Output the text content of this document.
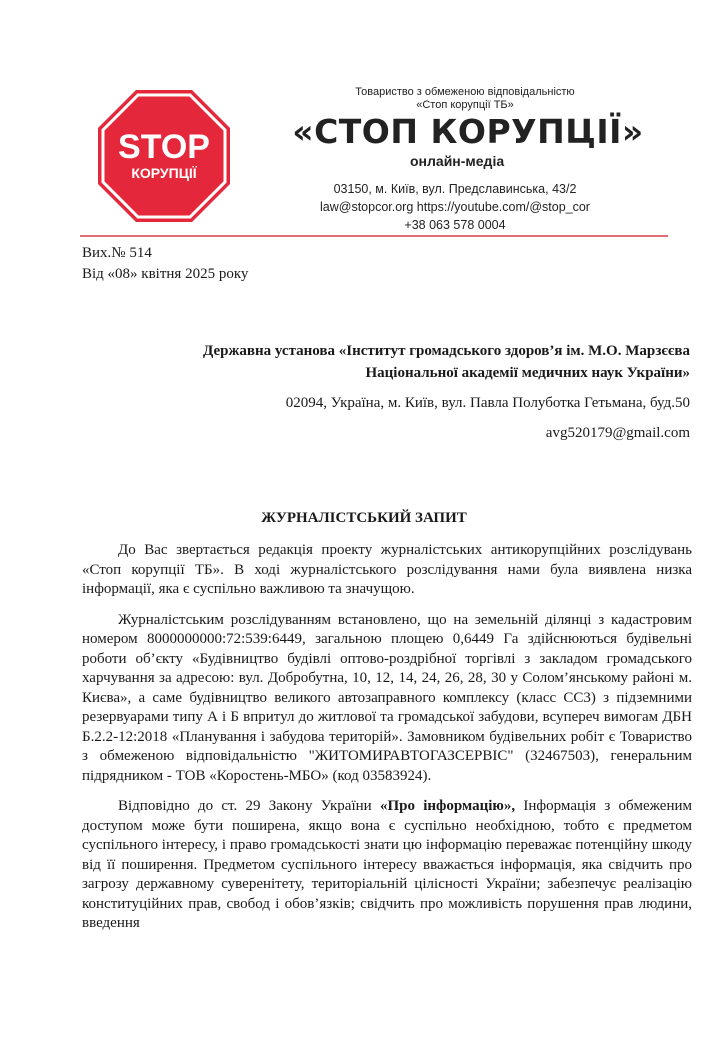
STOP
КОРУПЦІЇ
Товариство з обмеженою відповідальністю
«Стоп корупції ТБ»
«СТОП КОРУПЦІЇ»
онлайн-медіа
03150, м. Київ, вул. Предславинська, 43/2
law@stopcor.org https://youtube.com/@stop_cor
+38 063 578 0004
Вих.№ 514
Від «08» квітня 2025 року
Державна установа «Інститут громадського здоров’я ім. М.О. Марзєєва
Національної академії медичних наук України»
02094, Україна, м. Київ, вул. Павла Полуботка Гетьмана, буд.50
avg520179@gmail.com
ЖУРНАЛІСТСЬКИЙ ЗАПИТ

До Вас звертається редакція проекту журналістських антикорупційних розслідувань «Стоп корупції ТБ». В ході журналістського розслідування нами була виявлена низка інформації, яка є суспільно важливою та значущою.

Журналістським розслідуванням встановлено, що на земельній ділянці з кадастровим номером 8000000000:72:539:6449, загальною площею 0,6449 Га здійснюються будівельні роботи об’єкту «Будівництво будівлі оптово-роздрібної торгівлі з закладом громадського харчування за адресою: вул. Добробутна, 10, 12, 14, 24, 26, 28, 30 у Солом’янському районі м. Києва», а саме будівництво великого автозаправного комплексу (класс СС3) з підземними резервуарами типу А і Б впритул до житлової та громадської забудови, всупереч вимогам ДБН Б.2.2-12:2018 «Планування і забудова територій». Замовником будівельних робіт є Товариство з обмеженою відповідальністю "ЖИТОМИРАВТОГАЗСЕРВІС" (32467503), генеральним підрядником - ТОВ «Коростень-МБО» (код 03583924).

Відповідно до ст. 29 Закону України «Про інформацію», Інформація з обмеженим доступом може бути поширена, якщо вона є суспільно необхідною, тобто є предметом суспільного інтересу, і право громадськості знати цю інформацію переважає потенційну шкоду від її поширення. Предметом суспільного інтересу вважається інформація, яка свідчить про загрозу державному суверенітету, територіальній цілісності України; забезпечує реалізацію конституційних прав, свобод і обов’язків; свідчить про можливість порушення прав людини, введення
